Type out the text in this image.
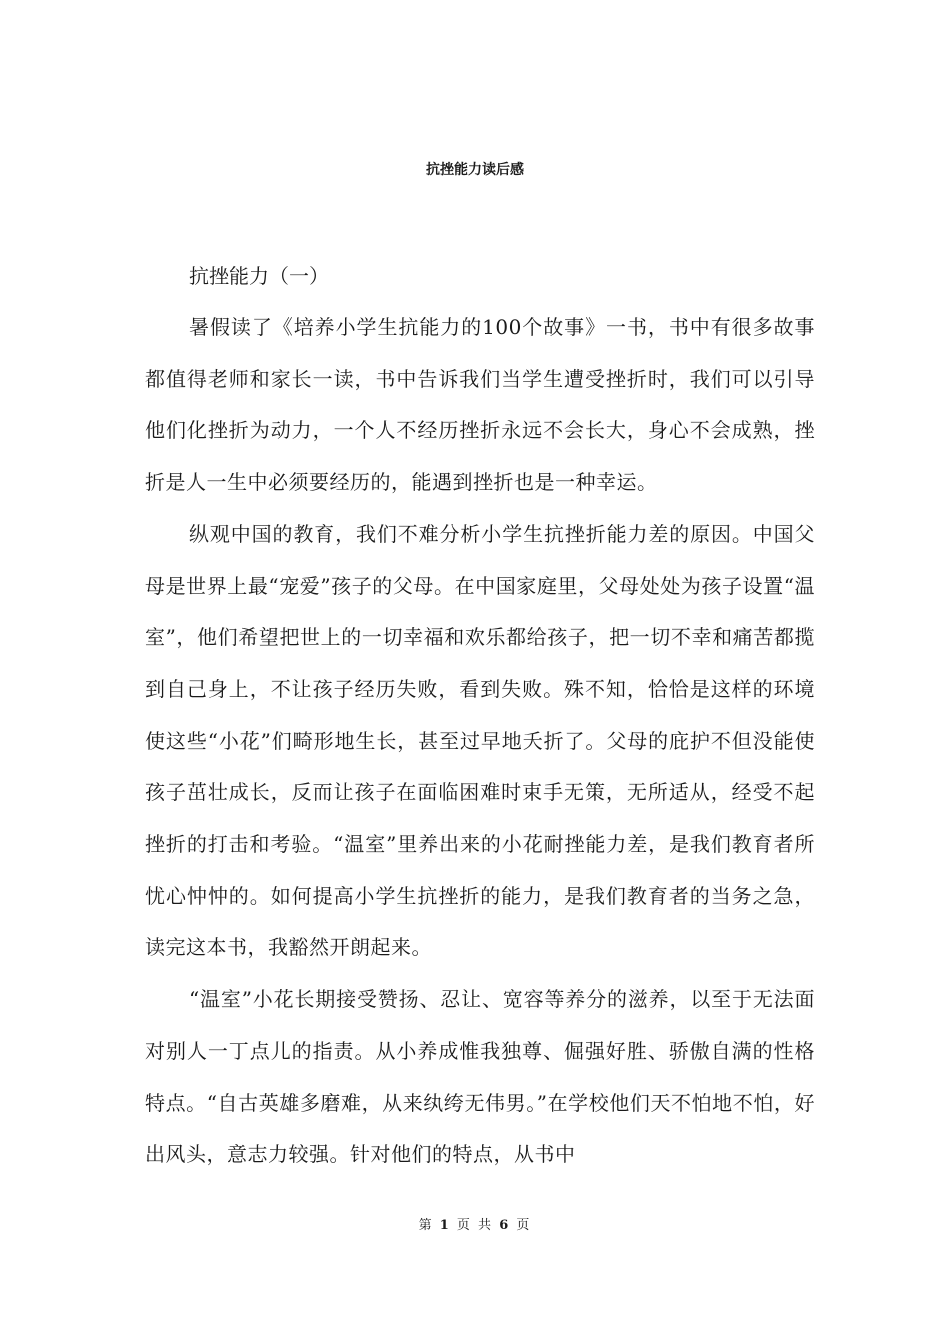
抗挫能力读后感
抗挫能力（一）

暑假读了《培养小学生抗能力的100个故事》一书，书中有很多故事都值得老师和家长一读，书中告诉我们当学生遭受挫折时，我们可以引导他们化挫折为动力，一个人不经历挫折永远不会长大，身心不会成熟，挫折是人一生中必须要经历的，能遇到挫折也是一种幸运。

纵观中国的教育，我们不难分析小学生抗挫折能力差的原因。中国父母是世界上最“宠爱”孩子的父母。在中国家庭里，父母处处为孩子设置“温室”，他们希望把世上的一切幸福和欢乐都给孩子，把一切不幸和痛苦都揽到自己身上，不让孩子经历失败，看到失败。殊不知，恰恰是这样的环境使这些“小花”们畸形地生长，甚至过早地夭折了。父母的庇护不但没能使孩子茁壮成长，反而让孩子在面临困难时束手无策，无所适从，经受不起挫折的打击和考验。“温室”里养出来的小花耐挫能力差，是我们教育者所忧心忡忡的。如何提高小学生抗挫折的能力，是我们教育者的当务之急，读完这本书，我豁然开朗起来。

“温室”小花长期接受赞扬、忍让、宽容等养分的滋养，以至于无法面对别人一丁点儿的指责。从小养成惟我独尊、倔强好胜、骄傲自满的性格特点。“自古英雄多磨难，从来纨绔无伟男。”在学校他们天不怕地不怕，好出风头，意志力较强。针对他们的特点，从书中

第 1 页 共 6 页
